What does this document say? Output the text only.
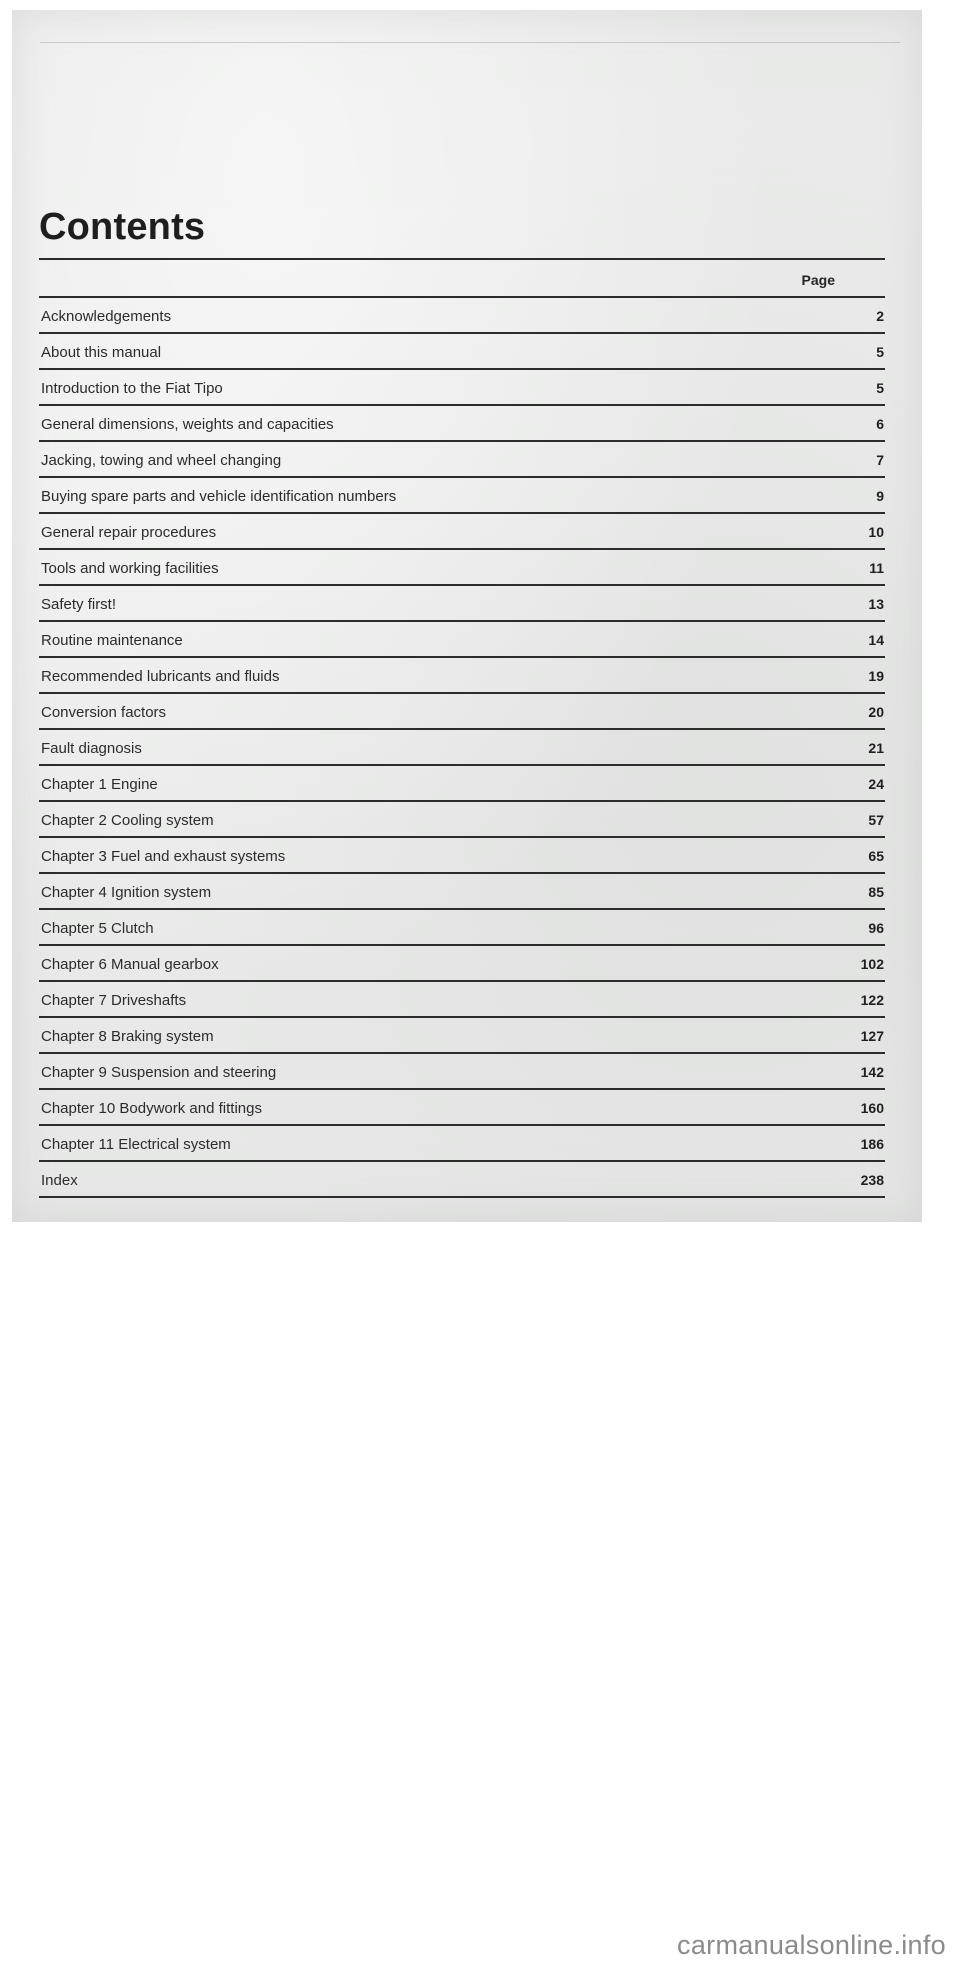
Contents
Page
Acknowledgements	2
About this manual	5
Introduction to the Fiat Tipo	5
General dimensions, weights and capacities	6
Jacking, towing and wheel changing	7
Buying spare parts and vehicle identification numbers	9
General repair procedures	10
Tools and working facilities	11
Safety first!	13
Routine maintenance	14
Recommended lubricants and fluids	19
Conversion factors	20
Fault diagnosis	21
Chapter 1 Engine	24
Chapter 2 Cooling system	57
Chapter 3 Fuel and exhaust systems	65
Chapter 4 Ignition system	85
Chapter 5 Clutch	96
Chapter 6 Manual gearbox	102
Chapter 7 Driveshafts	122
Chapter 8 Braking system	127
Chapter 9 Suspension and steering	142
Chapter 10 Bodywork and fittings	160
Chapter 11 Electrical system	186
Index	238
carmanualsonline.info
